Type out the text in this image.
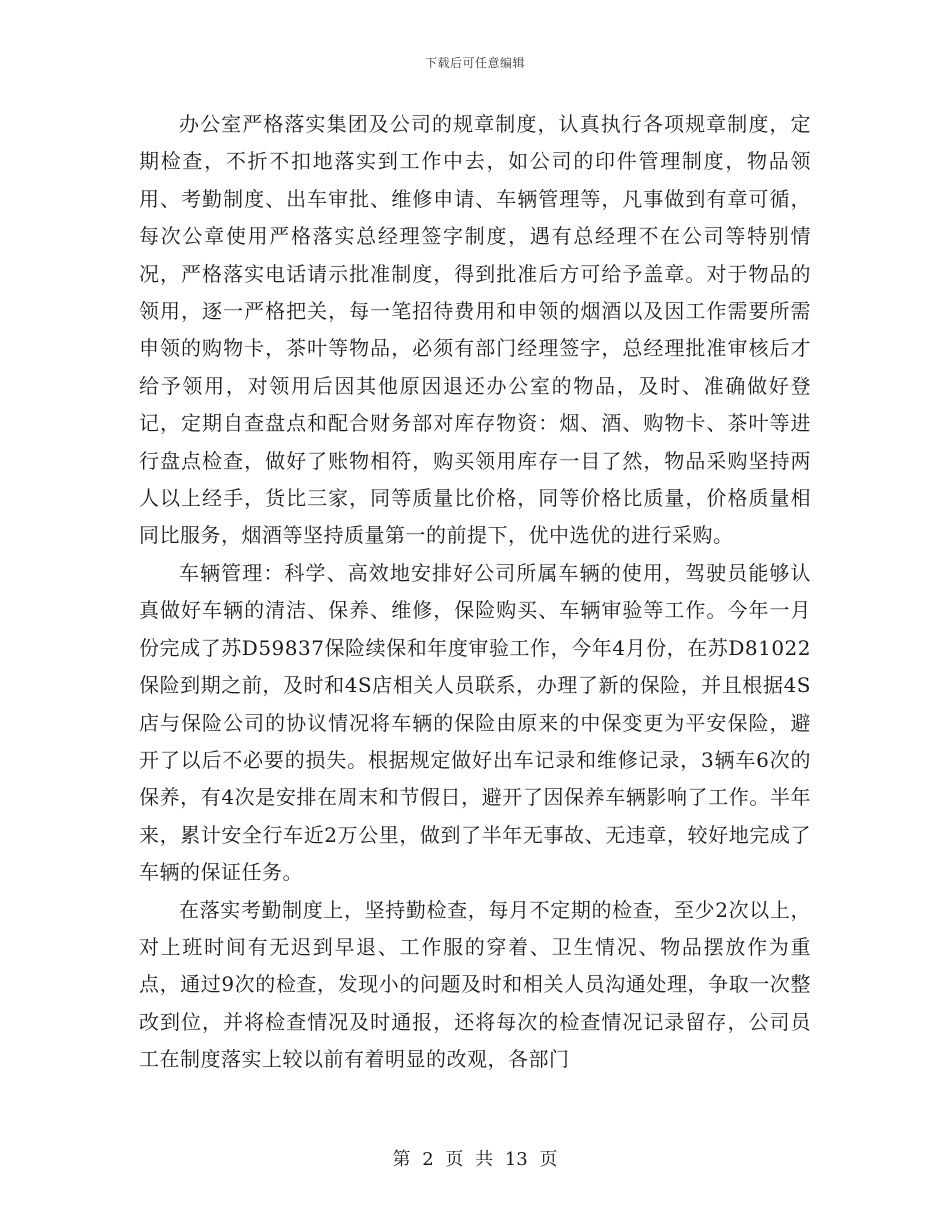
下载后可任意编辑

办公室严格落实集团及公司的规章制度，认真执行各项规章制度，定期检查，不折不扣地落实到工作中去，如公司的印件管理制度，物品领用、考勤制度、出车审批、维修申请、车辆管理等，凡事做到有章可循，每次公章使用严格落实总经理签字制度，遇有总经理不在公司等特别情况，严格落实电话请示批准制度，得到批准后方可给予盖章。对于物品的领用，逐一严格把关，每一笔招待费用和申领的烟酒以及因工作需要所需申领的购物卡，茶叶等物品，必须有部门经理签字，总经理批准审核后才给予领用，对领用后因其他原因退还办公室的物品，及时、准确做好登记，定期自查盘点和配合财务部对库存物资：烟、酒、购物卡、茶叶等进行盘点检查，做好了账物相符，购买领用库存一目了然，物品采购坚持两人以上经手，货比三家，同等质量比价格，同等价格比质量，价格质量相同比服务，烟酒等坚持质量第一的前提下，优中选优的进行采购。

车辆管理：科学、高效地安排好公司所属车辆的使用，驾驶员能够认真做好车辆的清洁、保养、维修，保险购买、车辆审验等工作。今年一月份完成了苏D59837保险续保和年度审验工作，今年4月份，在苏D81022保险到期之前，及时和4S店相关人员联系，办理了新的保险，并且根据4S店与保险公司的协议情况将车辆的保险由原来的中保变更为平安保险，避开了以后不必要的损失。根据规定做好出车记录和维修记录，3辆车6次的保养，有4次是安排在周末和节假日，避开了因保养车辆影响了工作。半年来，累计安全行车近2万公里，做到了半年无事故、无违章，较好地完成了车辆的保证任务。

在落实考勤制度上，坚持勤检查，每月不定期的检查，至少2次以上，对上班时间有无迟到早退、工作服的穿着、卫生情况、物品摆放作为重点，通过9次的检查，发现小的问题及时和相关人员沟通处理，争取一次整改到位，并将检查情况及时通报，还将每次的检查情况记录留存，公司员工在制度落实上较以前有着明显的改观，各部门

第 2 页 共 13 页
